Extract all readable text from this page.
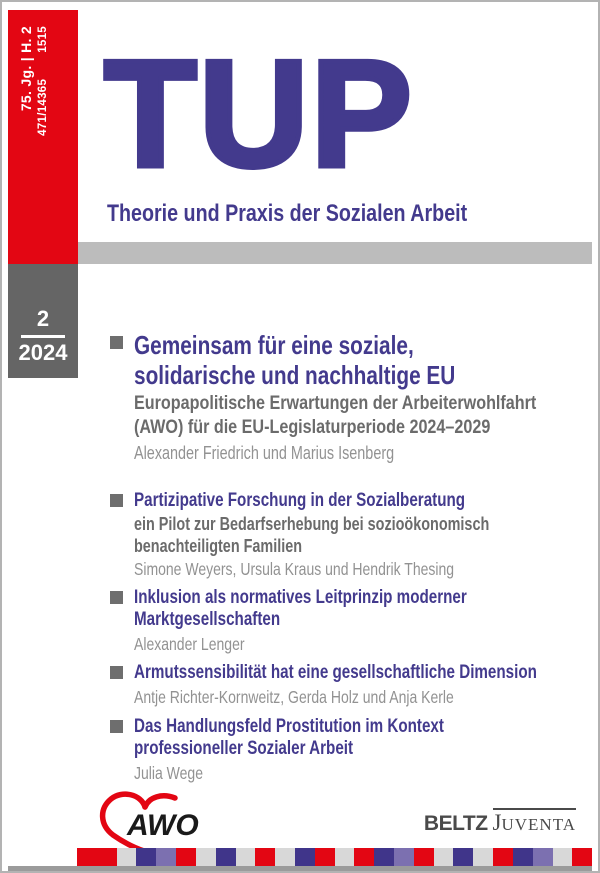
75. Jg. | H. 2 471/143651515 TUP
Theorie und Praxis der Sozialen Arbeit
2
2024	Gemeinsam für eine soziale,
solidarische und nachhaltige EU
Europapolitische Erwartungen der Arbeiterwohlfahrt
(AWO) für die EU-Legislaturperiode 2024–2029
Alexander Friedrich und Marius Isenberg
Partizipative Forschung in der Sozialberatung
ein Pilot zur Bedarfserhebung bei sozioökonomisch
benachteiligten Familien
Simone Weyers, Ursula Kraus und Hendrik Thesing
Inklusion als normatives Leitprinzip moderner
Marktgesellschaften
Alexander Lenger
Armutssensibilität hat eine gesellschaftliche Dimension
Antje Richter-Kornweitz, Gerda Holz und Anja Kerle
Das Handlungsfeld Prostitution im Kontext
professioneller Sozialer Arbeit
Julia Wege
AWO	BELTZ JUVENTA
